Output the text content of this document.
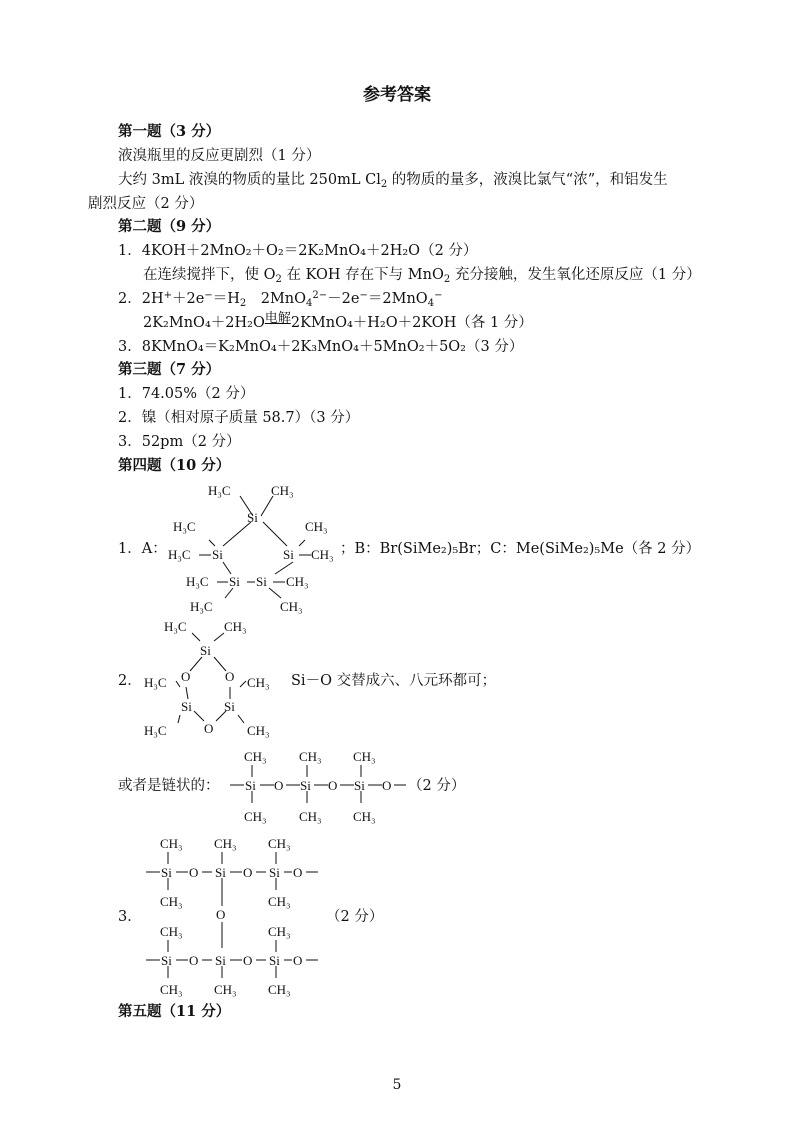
参考答案
第一题（3 分）
液溴瓶里的反应更剧烈（1 分）
大约 3mL 液溴的物质的量比 250mL $Cl_2$ 的物质的量多，液溴比氯气“浓”，和铝发生
剧烈反应（2 分）
第二题（9 分）
1．4KOH＋2MnO₂＋O₂＝2K₂MnO₄＋2H₂O（2 分）
在连续搅拌下，使 $O_2$ 在 KOH 存在下与 MnO$_2$ 充分接触，发生氧化还原反应（1 分）
2．$2H^++2e^-=H_2$　2MnO$_4^{2-}$－2e−＝2MnO$_4$−
2K₂MnO₄＋2H₂O电解2KMnO₄＋H₂O＋2KOH（各 1 分）
3．8KMnO₄＝K₂MnO₄＋2K₃MnO₄＋5MnO₂＋5O₂（3 分）
第三题（7 分）
1．74.05%（2 分）
2．镍（相对原子质量 58.7）（3 分）
3．52pm（2 分）
第四题（10 分）
1．A：
H₃C	CH₃
Si
H₃C	CH₃
H₃C Si	Si CH₃
H₃C Si Si CH₃
H₃C	CH₃
；B：Br(SiMe₂)₅Br；C：Me(SiMe₂)₅Me（各 2 分）
2．
H₃C	CH₃
Si
O	O
H₃C	CH₃
Si Si
O
H₃C	CH₃
Si－O 交替成六、八元环都可；
或者是链状的：
CH₃ CH₃ CH₃
Si O Si O Si O
CH₃ CH₃ CH₃
（2 分）
3．
CH₃ CH₃ CH₃
Si O Si O Si O
CH₃	CH₃
O
CH₃	CH₃
Si O Si O Si O
CH₃ CH₃ CH₃
（2 分）
第五题（11 分）
5
